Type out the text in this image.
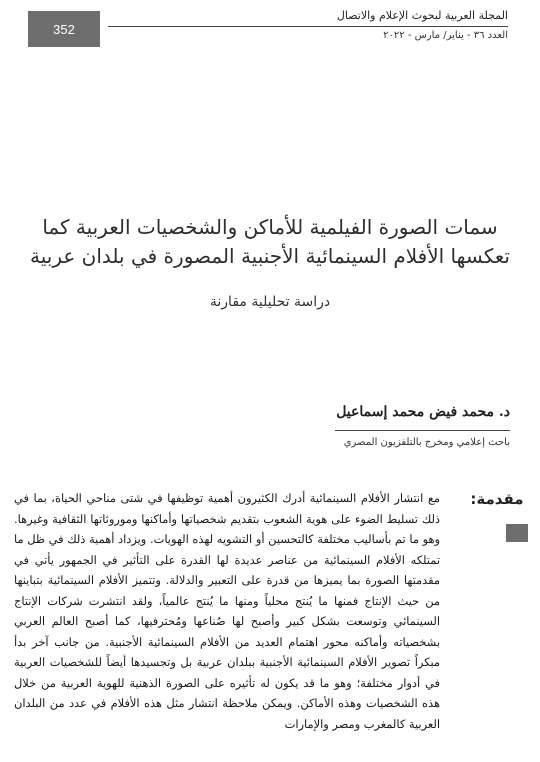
352
المجلة العربية لبحوث الإعلام والاتصال
العدد ٣٦ - يناير/ مارس - ٢٠٢٢
سمات الصورة الفيلمية للأماكن والشخصيات العربية كما
تعكسها الأفلام السينمائية الأجنبية المصورة في بلدان عربية
دراسة تحليلية مقارنة
د. محمد فيض محمد إسماعيل
باحث إعلامي ومخرج بالتلفزيون المصري
مقدمة:

مع انتشار الأفلام السينمائية أدرك الكثيرون أهمية توظيفها في شتى مناحي الحياة، بما في ذلك تسليط الضوء على هوية الشعوب بتقديم شخصياتها وأماكنها وموروثاتها الثقافية وغيرها. وهو ما تم بأساليب مختلفة كالتحسين أو التشويه لهذه الهويات. ويزداد أهمية ذلك في ظل ما تمتلكه الأفلام السينمائية من عناصر عديدة لها القدرة على التأثير في الجمهور يأتي في مقدمتها الصورة بما يميزها من قدرة على التعبير والدلالة. وتتميز الأفلام السينمائية بتباينها من حيث الإنتاج فمنها ما يُنتج محلياً ومنها ما يُنتج عالمياً، ولقد انتشرت شركات الإنتاج السينمائي وتوسعت بشكل كبير وأصبح لها صُناعها ومُحترفيها، كما أصبح العالم العربي بشخصياته وأماكنه محور اهتمام العديد من الأفلام السينمائية الأجنبية. من جانب آخر بدأ مبكراً تصوير الأفلام السينمائية الأجنبية ببلدان عربية بل وتجسيدها أيضاً للشخصيات العربية في أدوار مختلفة؛ وهو ما قد يكون له تأثيره على الصورة الذهنية للهوية العربية من خلال هذه الشخصيات وهذه الأماكن. ويمكن ملاحظة انتشار مثل هذه الأفلام في عدد من البلدان العربية كالمغرب ومصر والإمارات
